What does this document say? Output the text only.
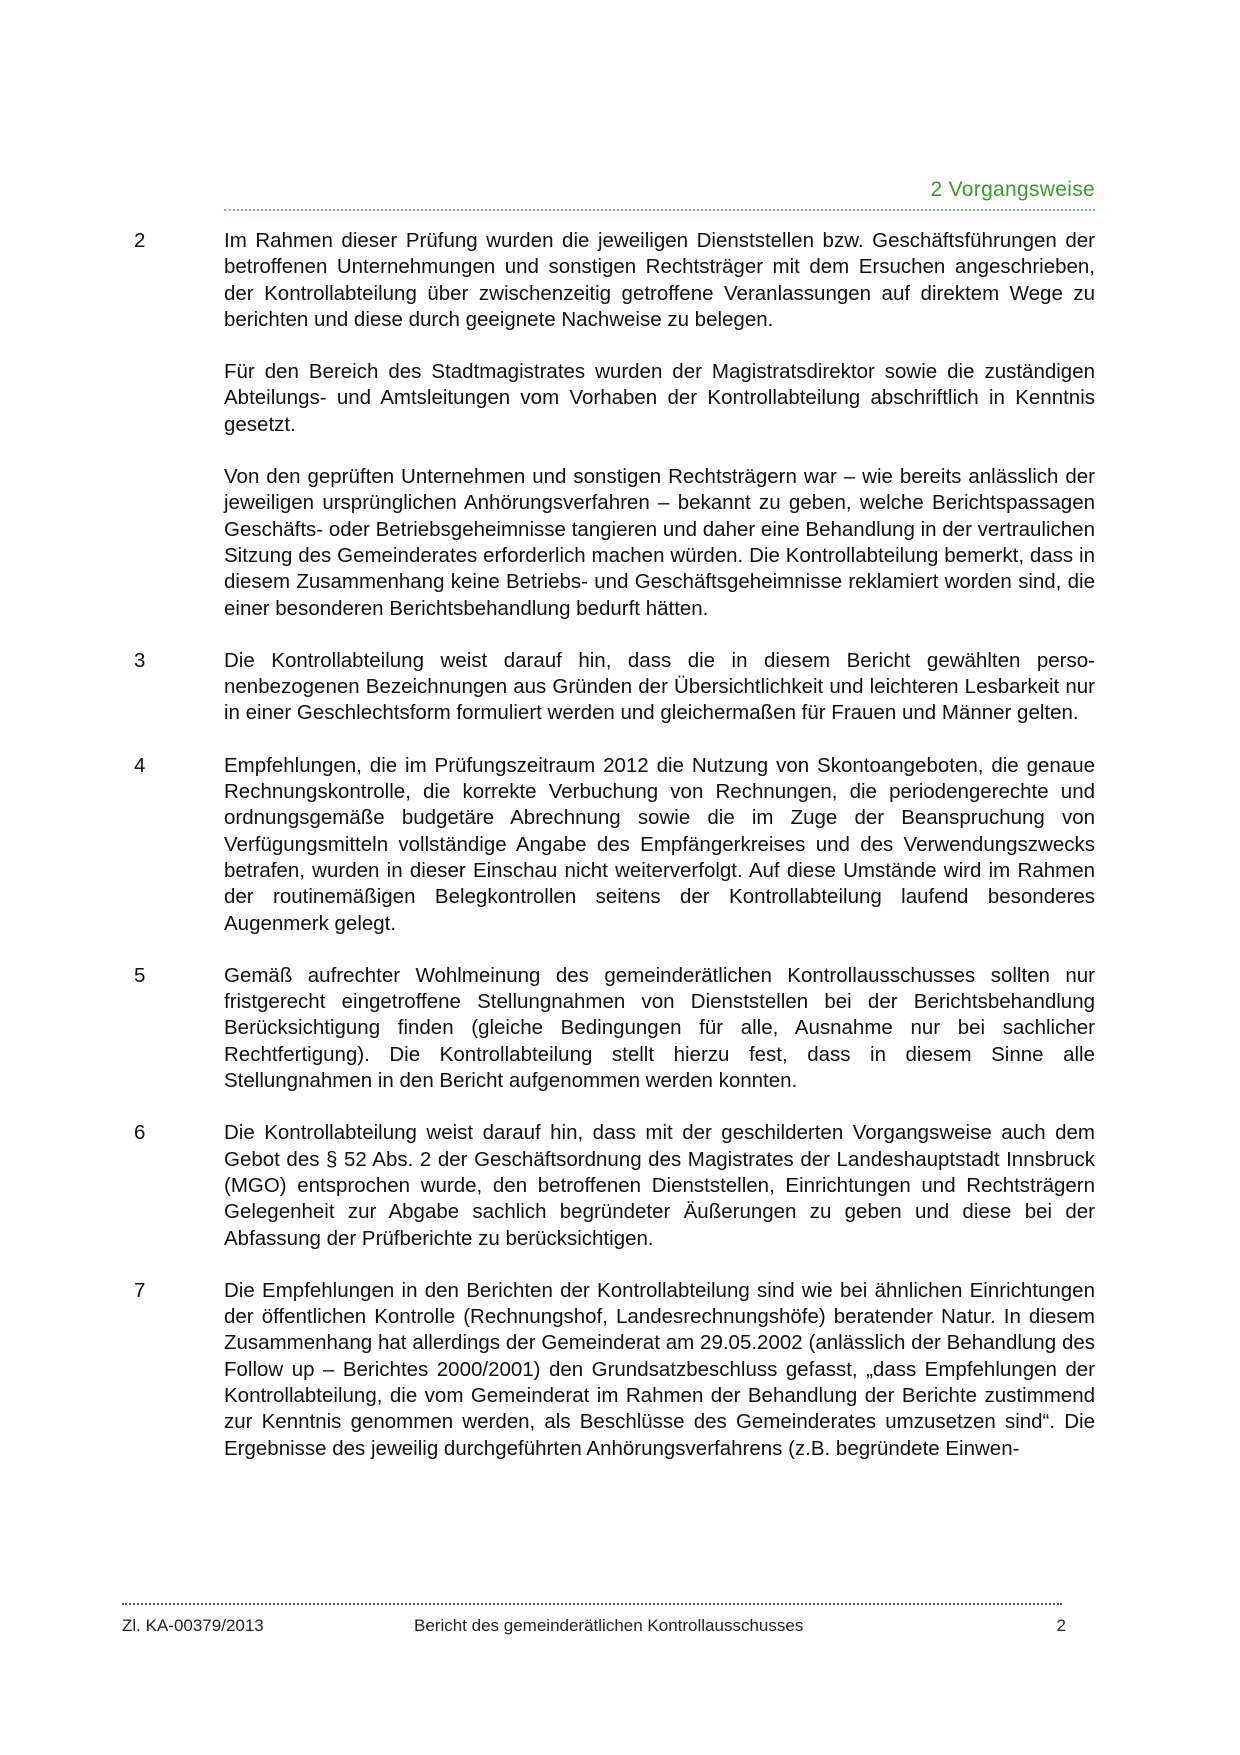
2 Vorgangsweise
2	Im Rahmen dieser Prüfung wurden die jeweiligen Dienststellen bzw. Geschäftsführungen der betroffenen Unternehmungen und sonstigen Rechtsträger mit dem Ersuchen angeschrieben, der Kontrollabteilung über zwischenzeitig getroffene Veranlassungen auf direktem Wege zu berichten und diese durch geeignete Nachweise zu belegen.

Für den Bereich des Stadtmagistrates wurden der Magistratsdirektor sowie die zuständigen Abteilungs- und Amtsleitungen vom Vorhaben der Kontrollabteilung abschriftlich in Kenntnis gesetzt.

Von den geprüften Unternehmen und sonstigen Rechtsträgern war – wie bereits anlässlich der jeweiligen ursprünglichen Anhörungsverfahren – bekannt zu geben, welche Berichtspassagen Geschäfts- oder Betriebsgeheimnisse tangieren und daher eine Behandlung in der vertraulichen Sitzung des Gemeinderates erforderlich machen würden. Die Kontrollabteilung bemerkt, dass in diesem Zusammenhang keine Betriebs- und Geschäftsgeheimnisse reklamiert worden sind, die einer besonderen Berichtsbehandlung bedurft hätten.

3	Die Kontrollabteilung weist darauf hin, dass die in diesem Bericht gewählten personenbezogenen Bezeichnungen aus Gründen der Übersichtlichkeit und leichteren Lesbarkeit nur in einer Geschlechtsform formuliert werden und gleichermaßen für Frauen und Männer gelten.

4	Empfehlungen, die im Prüfungszeitraum 2012 die Nutzung von Skontoangeboten, die genaue Rechnungskontrolle, die korrekte Verbuchung von Rechnungen, die periodengerechte und ordnungsgemäße budgetäre Abrechnung sowie die im Zuge der Beanspruchung von Verfügungsmitteln vollständige Angabe des Empfängerkreises und des Verwendungszwecks betrafen, wurden in dieser Einschau nicht weiterverfolgt. Auf diese Umstände wird im Rahmen der routinemäßigen Belegkontrollen seitens der Kontrollabteilung laufend besonderes Augenmerk gelegt.

5	Gemäß aufrechter Wohlmeinung des gemeinderätlichen Kontrollausschusses sollten nur fristgerecht eingetroffene Stellungnahmen von Dienststellen bei der Berichtsbehandlung Berücksichtigung finden (gleiche Bedingungen für alle, Ausnahme nur bei sachlicher Rechtfertigung). Die Kontrollabteilung stellt hierzu fest, dass in diesem Sinne alle Stellungnahmen in den Bericht aufgenommen werden konnten.

6	Die Kontrollabteilung weist darauf hin, dass mit der geschilderten Vorgangsweise auch dem Gebot des § 52 Abs. 2 der Geschäftsordnung des Magistrates der Landeshauptstadt Innsbruck (MGO) entsprochen wurde, den betroffenen Dienststellen, Einrichtungen und Rechtsträgern Gelegenheit zur Abgabe sachlich begründeter Äußerungen zu geben und diese bei der Abfassung der Prüfberichte zu berücksichtigen.

7	Die Empfehlungen in den Berichten der Kontrollabteilung sind wie bei ähnlichen Einrichtungen der öffentlichen Kontrolle (Rechnungshof, Landesrechnungshöfe) beratender Natur. In diesem Zusammenhang hat allerdings der Gemeinderat am 29.05.2002 (anlässlich der Behandlung des Follow up – Berichtes 2000/2001) den Grundsatzbeschluss gefasst, „dass Empfehlungen der Kontrollabteilung, die vom Gemeinderat im Rahmen der Behandlung der Berichte zustimmend zur Kenntnis genommen werden, als Beschlüsse des Gemeinderates umzusetzen sind“. Die Ergebnisse des jeweilig durchgeführten Anhörungsverfahrens (z.B. begründete Einwen-

Zl. KA-00379/2013	Bericht des gemeinderätlichen Kontrollausschusses	2
